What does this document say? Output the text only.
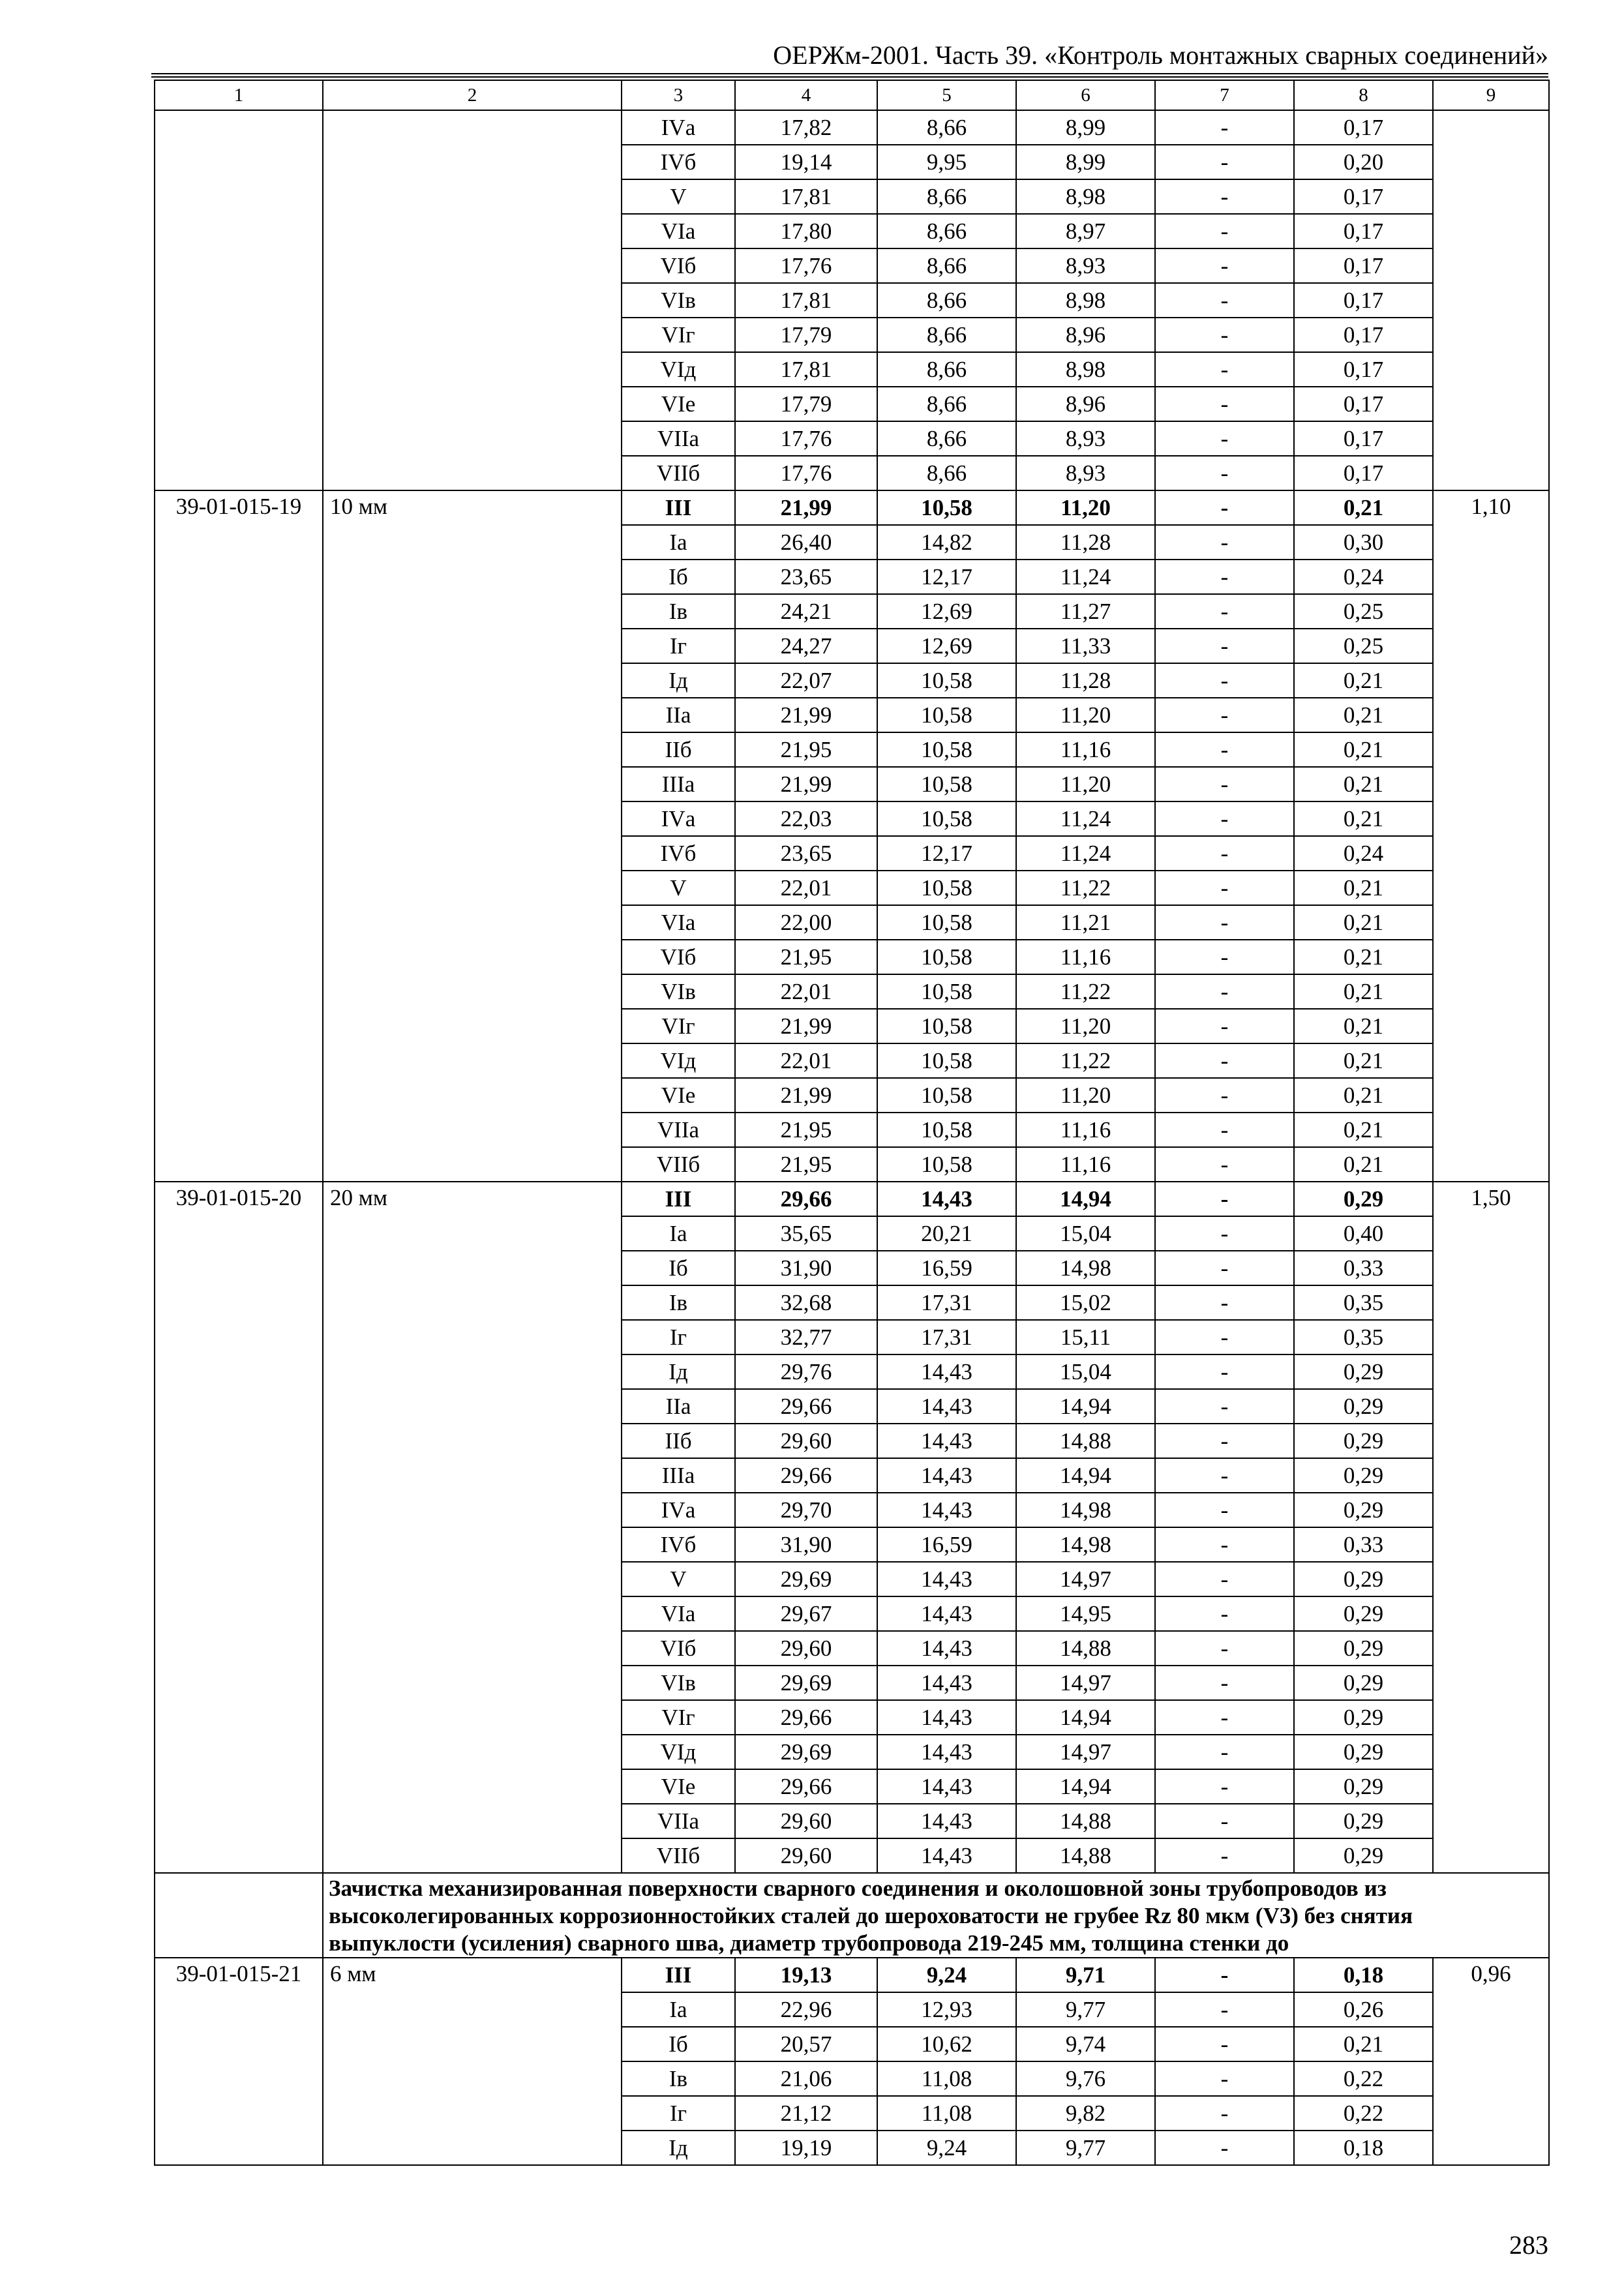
ОЕРЖм-2001. Часть 39. «Контроль монтажных сварных соединений»
1	2	3	4	5	6	7	8	9
		IVа	17,82	8,66	8,99	-	0,17	
		IVб	19,14	9,95	8,99	-	0,20	
		V	17,81	8,66	8,98	-	0,17	
		VIа	17,80	8,66	8,97	-	0,17	
		VIб	17,76	8,66	8,93	-	0,17	
		VIв	17,81	8,66	8,98	-	0,17	
		VIг	17,79	8,66	8,96	-	0,17	
		VIд	17,81	8,66	8,98	-	0,17	
		VIе	17,79	8,66	8,96	-	0,17	
		VIIа	17,76	8,66	8,93	-	0,17	
		VIIб	17,76	8,66	8,93	-	0,17	
39-01-015-19	10 мм	III	21,99	10,58	11,20	-	0,21	1,10
		Iа	26,40	14,82	11,28	-	0,30	
		Iб	23,65	12,17	11,24	-	0,24	
		Iв	24,21	12,69	11,27	-	0,25	
		Iг	24,27	12,69	11,33	-	0,25	
		Iд	22,07	10,58	11,28	-	0,21	
		IIа	21,99	10,58	11,20	-	0,21	
		IIб	21,95	10,58	11,16	-	0,21	
		IIIа	21,99	10,58	11,20	-	0,21	
		IVа	22,03	10,58	11,24	-	0,21	
		IVб	23,65	12,17	11,24	-	0,24	
		V	22,01	10,58	11,22	-	0,21	
		VIа	22,00	10,58	11,21	-	0,21	
		VIб	21,95	10,58	11,16	-	0,21	
		VIв	22,01	10,58	11,22	-	0,21	
		VIг	21,99	10,58	11,20	-	0,21	
		VIд	22,01	10,58	11,22	-	0,21	
		VIе	21,99	10,58	11,20	-	0,21	
		VIIа	21,95	10,58	11,16	-	0,21	
		VIIб	21,95	10,58	11,16	-	0,21	
39-01-015-20	20 мм	III	29,66	14,43	14,94	-	0,29	1,50
		Iа	35,65	20,21	15,04	-	0,40	
		Iб	31,90	16,59	14,98	-	0,33	
		Iв	32,68	17,31	15,02	-	0,35	
		Iг	32,77	17,31	15,11	-	0,35	
		Iд	29,76	14,43	15,04	-	0,29	
		IIа	29,66	14,43	14,94	-	0,29	
		IIб	29,60	14,43	14,88	-	0,29	
		IIIа	29,66	14,43	14,94	-	0,29	
		IVа	29,70	14,43	14,98	-	0,29	
		IVб	31,90	16,59	14,98	-	0,33	
		V	29,69	14,43	14,97	-	0,29	
		VIа	29,67	14,43	14,95	-	0,29	
		VIб	29,60	14,43	14,88	-	0,29	
		VIв	29,69	14,43	14,97	-	0,29	
		VIг	29,66	14,43	14,94	-	0,29	
		VIд	29,69	14,43	14,97	-	0,29	
		VIе	29,66	14,43	14,94	-	0,29	
		VIIа	29,60	14,43	14,88	-	0,29	
		VIIб	29,60	14,43	14,88	-	0,29	
	Зачистка механизированная поверхности сварного соединения и околошовной зоны трубопроводов из высоколегированных коррозионностойких сталей до шероховатости не грубее Rz 80 мкм (V3) без снятия выпуклости (усиления) сварного шва, диаметр трубопровода 219-245 мм, толщина стенки до							
39-01-015-21	6 мм	III	19,13	9,24	9,71	-	0,18	0,96
		Iа	22,96	12,93	9,77	-	0,26	
		Iб	20,57	10,62	9,74	-	0,21	
		Iв	21,06	11,08	9,76	-	0,22	
		Iг	21,12	11,08	9,82	-	0,22	
		Iд	19,19	9,24	9,77	-	0,18	
283
